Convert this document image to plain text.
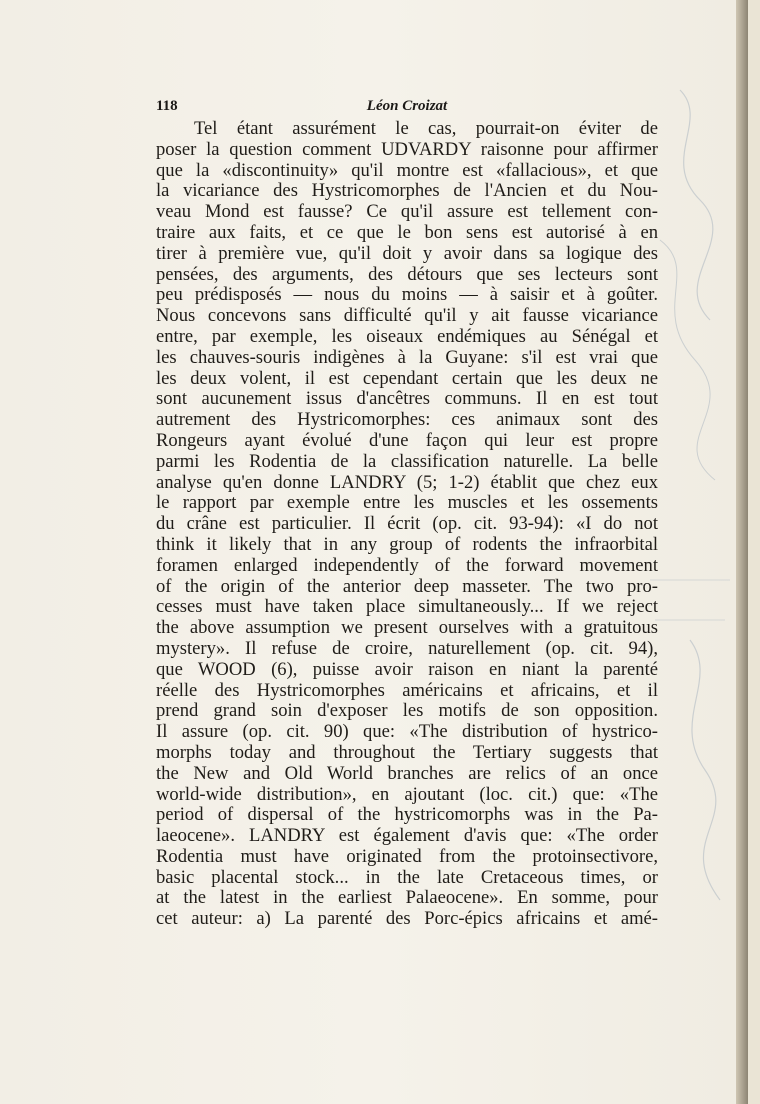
118	Léon Croizat
Tel étant assurément le cas, pourrait-on éviter de
poser la question comment UDVARDY raisonne pour affirmer
que la «discontinuity» qu'il montre est «fallacious», et que
la vicariance des Hystricomorphes de l'Ancien et du Nou-
veau Mond est fausse? Ce qu'il assure est tellement con-
traire aux faits, et ce que le bon sens est autorisé à en
tirer à première vue, qu'il doit y avoir dans sa logique des
pensées, des arguments, des détours que ses lecteurs sont
peu prédisposés — nous du moins — à saisir et à goûter.
Nous concevons sans difficulté qu'il y ait fausse vicariance
entre, par exemple, les oiseaux endémiques au Sénégal et
les chauves-souris indigènes à la Guyane: s'il est vrai que
les deux volent, il est cependant certain que les deux ne
sont aucunement issus d'ancêtres communs. Il en est tout
autrement des Hystricomorphes: ces animaux sont des
Rongeurs ayant évolué d'une façon qui leur est propre
parmi les Rodentia de la classification naturelle. La belle
analyse qu'en donne LANDRY (5; 1-2) établit que chez eux
le rapport par exemple entre les muscles et les ossements
du crâne est particulier. Il écrit (op. cit. 93-94): «I do not
think it likely that in any group of rodents the infraorbital
foramen enlarged independently of the forward movement
of the origin of the anterior deep masseter. The two pro-
cesses must have taken place simultaneously... If we reject
the above assumption we present ourselves with a gratuitous
mystery». Il refuse de croire, naturellement (op. cit. 94),
que WOOD (6), puisse avoir raison en niant la parenté
réelle des Hystricomorphes américains et africains, et il
prend grand soin d'exposer les motifs de son opposition.
Il assure (op. cit. 90) que: «The distribution of hystrico-
morphs today and throughout the Tertiary suggests that
the New and Old World branches are relics of an once
world-wide distribution», en ajoutant (loc. cit.) que: «The
period of dispersal of the hystricomorphs was in the Pa-
laeocene». LANDRY est également d'avis que: «The order
Rodentia must have originated from the protoinsectivore,
basic placental stock... in the late Cretaceous times, or
at the latest in the earliest Palaeocene». En somme, pour
cet auteur: a) La parenté des Porc-épics africains et amé-
